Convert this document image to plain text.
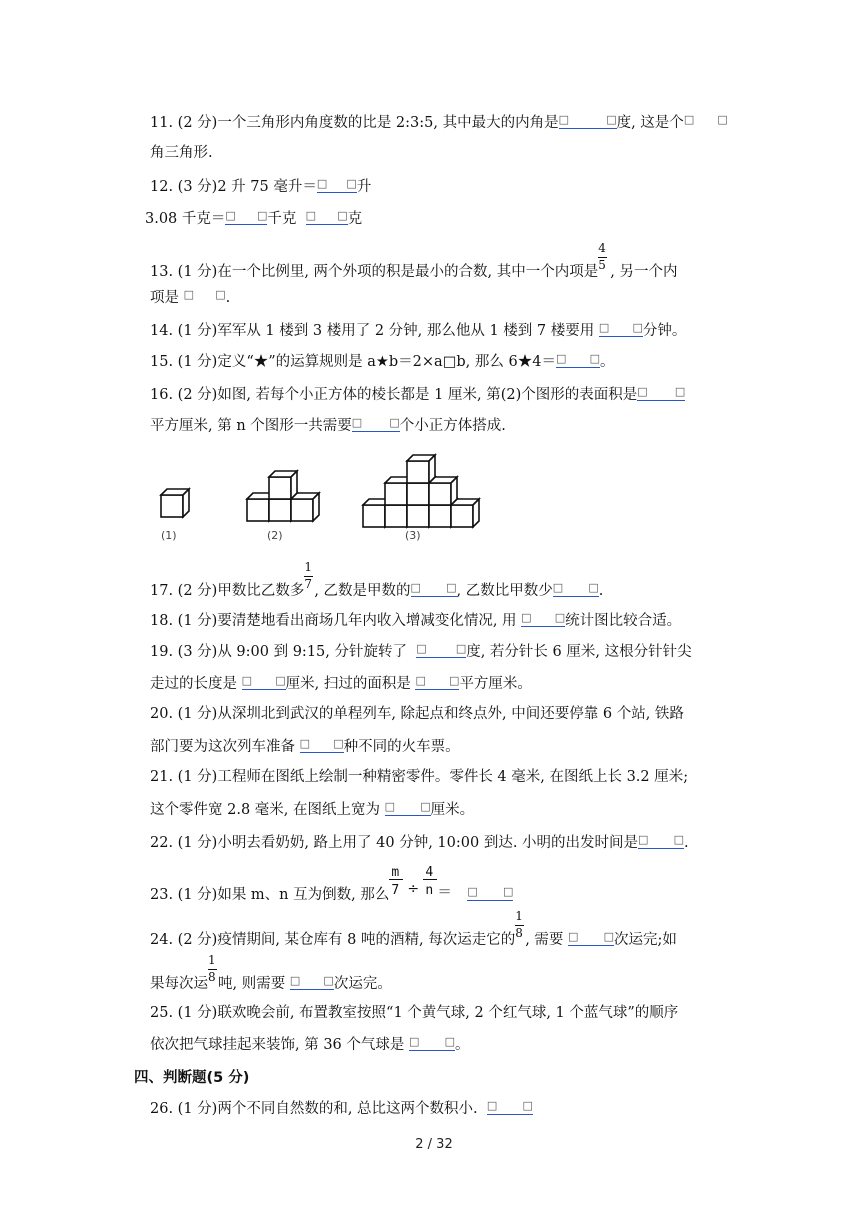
11. (2 分)一个三角形内角度数的比是 2:3:5, 其中最大的内角是 □ □	度, 这是个□ □
角三角形.
12. (3 分)2 升 75 毫升＝ □ □	升
3.08 千克＝ □ □	千克 □ □	克
13. (1 分)在一个比例里, 两个外项的积是最小的合数, 其中一个内项是 $\frac{4}{5}$ , 另一个内
项是 □ □	.
14. (1 分)军军从 1 楼到 3 楼用了 2 分钟, 那么他从 1 楼到 7 楼要用 □ □	分钟。
15. (1 分)定义“★”的运算规则是 a★b＝2×a□b, 那么 6★4＝ □ □	。
16. (2 分)如图, 若每个小正方体的棱长都是 1 厘米, 第(2)个图形的表面积是□ □
平方厘米, 第 n 个图形一共需要 □ □	个小正方体搭成.
(1)	(2)	(3)
17. (2 分)甲数比乙数多 $\frac{1}{7}$ , 乙数是甲数的 □ □	, 乙数比甲数少 □ □	.
18. (1 分)要清楚地看出商场几年内收入增减变化情况, 用 □ □	统计图比较合适。
19. (3 分)从 9:00 到 9:15, 分针旋转了 □ □	度, 若分针长 6 厘米, 这根分针针尖
走过的长度是 □ □	厘米, 扫过的面积是 □ □	平方厘米。
20. (1 分)从深圳北到武汉的单程列车, 除起点和终点外, 中间还要停靠 6 个站, 铁路
部门要为这次列车准备 □ □	种不同的火车票。
21. (1 分)工程师在图纸上绘制一种精密零件。零件长 4 毫米, 在图纸上长 3.2 厘米;
这个零件宽 2.8 毫米, 在图纸上宽为 □ □	厘米。
22. (1 分)小明去看奶奶, 路上用了 40 分钟, 10:00 到达. 小明的出发时间是 □ □	.
23. (1 分)如果 m、n 互为倒数, 那么
m
7 ÷
4
n ＝
□ □
24. (2 分)疫情期间, 某仓库有 8 吨的酒精, 每次运走它的 $\frac{1}{8}$ , 需要 □ □	次运完;如
果每次运 $\frac{1}{8}$ 吨, 则需要 □ □	次运完。
25. (1 分)联欢晚会前, 布置教室按照“1 个黄气球, 2 个红气球, 1 个蓝气球”的顺序
依次把气球挂起来装饰, 第 36 个气球是 □ □	。
四、判断题(5 分)
26. (1 分)两个不同自然数的和, 总比这两个数积小.  □ □
2 / 32
